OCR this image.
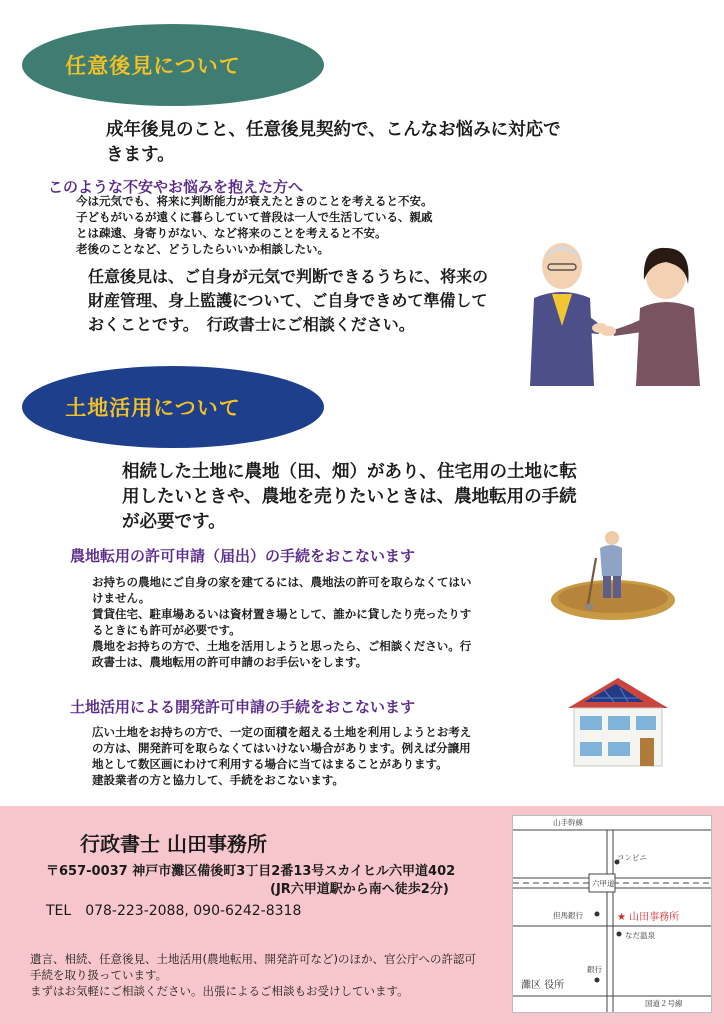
任意後見について
成年後見のこと、任意後見契約で、こんなお悩みに対応で
きます。
このような不安やお悩みを抱えた方へ

今は元気でも、将来に判断能力が衰えたときのことを考えると不安。

子どもがいるが遠くに暮らしていて普段は一人で生活している、親戚

とは疎遠、身寄りがない、など将来のことを考えると不安。

老後のことなど、どうしたらいいか相談したい。

任意後見は、ご自身が元気で判断できるうちに、将来の
財産管理、身上監護について、ご自身できめて準備して
おくことです。　行政書士にご相談ください。
土地活用について
相続した土地に農地（田、畑）があり、住宅用の土地に転
用したいときや、農地を売りたいときは、農地転用の手続
が必要です。
農地転用の許可申請（届出）の手続をおこないます

お持ちの農地にご自身の家を建てるには、農地法の許可を取らなくてはい

けません。

賃貸住宅、駐車場あるいは資材置き場として、誰かに貸したり売ったりす

るときにも許可が必要です。

農地をお持ちの方で、土地を活用しようと思ったら、ご相談ください。行

政書士は、農地転用の許可申請のお手伝いをします。

土地活用による開発許可申請の手続をおこないます

広い土地をお持ちの方で、一定の面積を超える土地を利用しようとお考え

の方は、開発許可を取らなくてはいけない場合があります。例えば分譲用

地として数区画にわけて利用する場合に当てはまることがあります。

建設業者の方と協力して、手続をおこないます。

行政書士 山田事務所
〒657-0037 神戸市灘区備後町3丁目2番13号スカイヒル六甲道402
(JR六甲道駅から南へ徒歩2分)
TEL　078-223-2088, 090-6242-8318

遺言、相続、任意後見、土地活用(農地転用、開発許可など)のほか、官公庁への許認可

手続を取り扱っています。

まずはお気軽にご相談ください。出張によるご相談もお受けしています。

山手幹線
コンビニ
六甲道
但馬銀行	★ 山田事務所
なだ温泉
銀行
灘区 役所
国道２号線
